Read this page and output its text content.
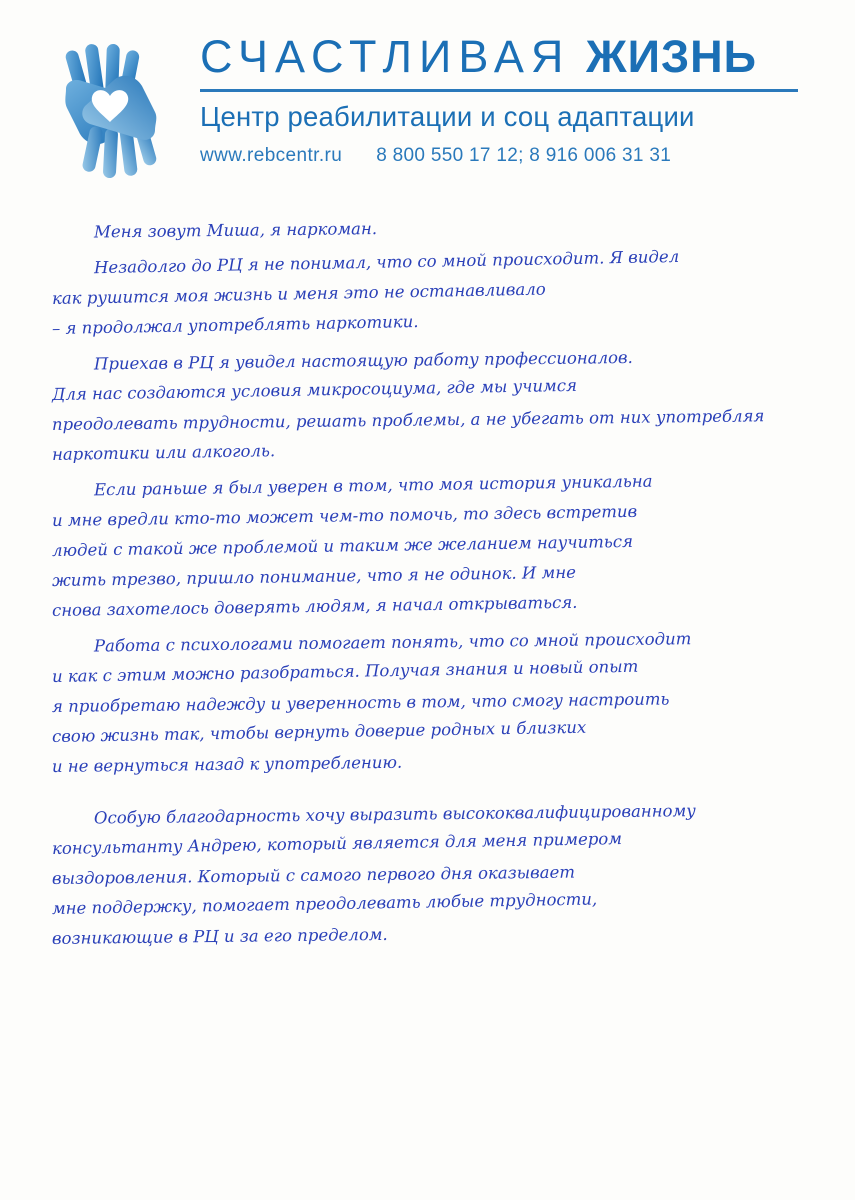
СЧАСТЛИВАЯ ЖИЗНЬ
Центр реабилитации и соц адаптации
www.rebcentr.ru 8 800 550 17 12; 8 916 006 31 31

Меня зовут Миша, я наркоман.

Незадолго до РЦ я не понимал, что со мной происходит. Я видел
как рушится моя жизнь и меня это не останавливало
– я продолжал употреблять наркотики.

Приехав в РЦ я увидел настоящую работу профессионалов.
Для нас создаются условия микросоциума, где мы учимся
преодолевать трудности, решать проблемы, а не убегать от них употребляя
наркотики или алкоголь.

Если раньше я был уверен в том, что моя история уникальна
и мне вредли кто-то может чем-то помочь, то здесь встретив
людей с такой же проблемой и таким же желанием научиться
жить трезво, пришло понимание, что я не одинок. И мне
снова захотелось доверять людям, я начал открываться.

Работа с психологами помогает понять, что со мной происходит
и как с этим можно разобраться. Получая знания и новый опыт
я приобретаю надежду и уверенность в том, что смогу настроить
свою жизнь так, чтобы вернуть доверие родных и близких
и не вернуться назад к употреблению.

Особую благодарность хочу выразить высококвалифицированному
консультанту Андрею, который является для меня примером
выздоровления. Который с самого первого дня оказывает
мне поддержку, помогает преодолевать любые трудности,
возникающие в РЦ и за его пределом.
